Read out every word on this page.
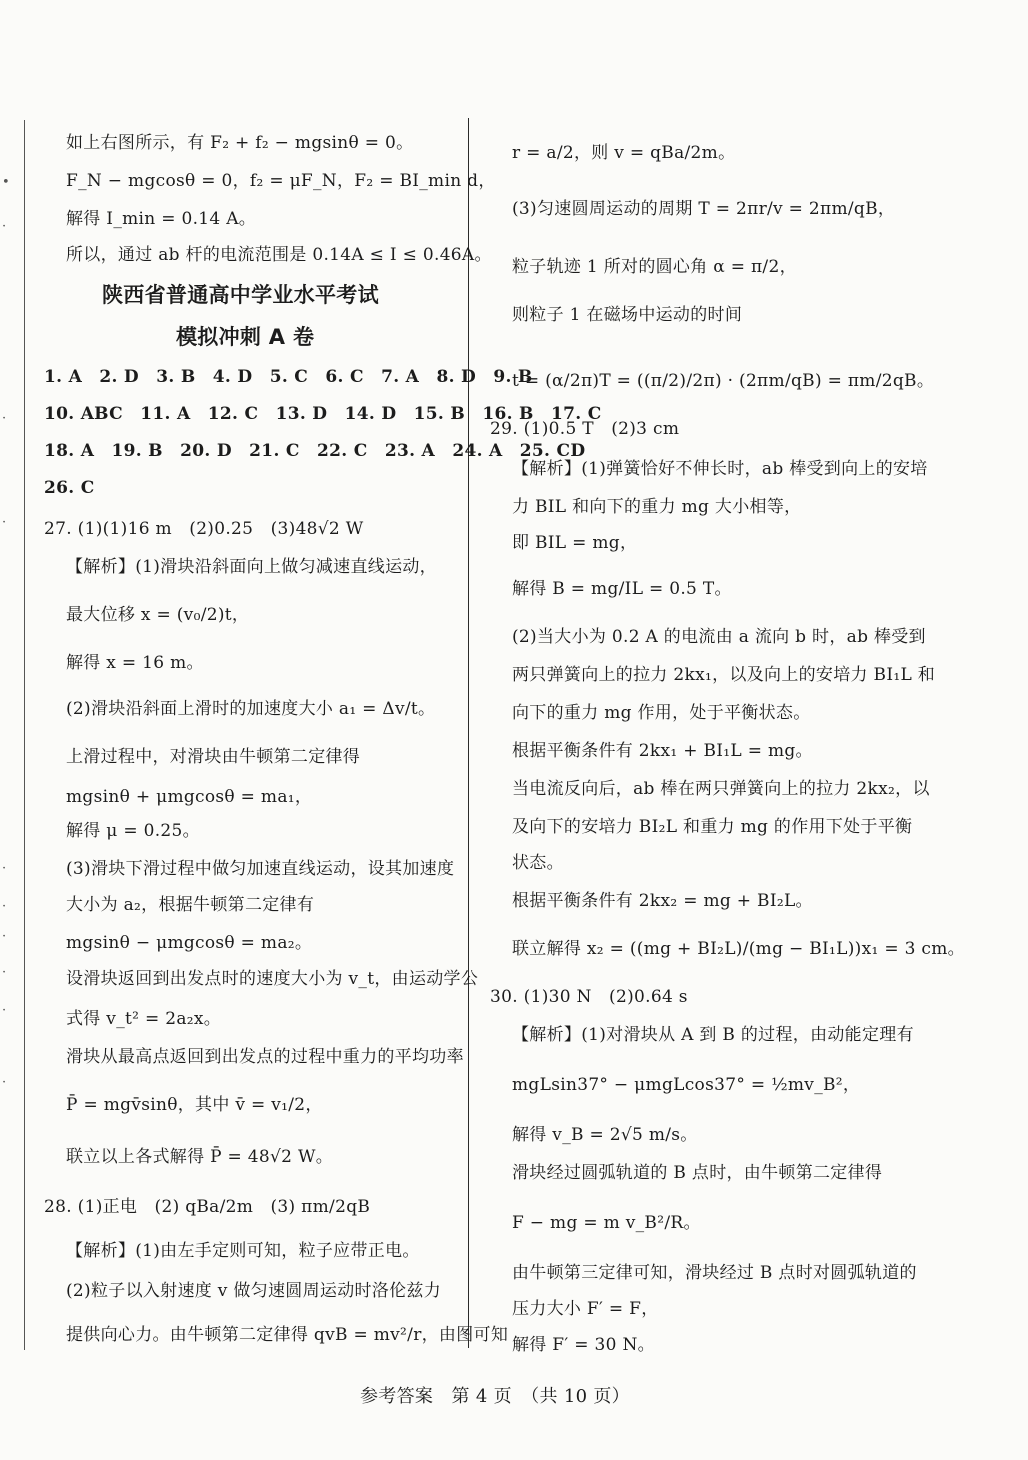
如上右图所示，有 F₂ + f₂ − mgsinθ = 0。
F_N − mgcosθ = 0，f₂ = μF_N，F₂ = BI_min d，
解得 I_min = 0.14 A。
所以，通过 ab 杆的电流范围是 0.14A ≤ I ≤ 0.46A。
陕西省普通高中学业水平考试
模拟冲刺 A 卷
1. A　2. D　3. B　4. D　5. C　6. C　7. A　8. D　9. B
10. ABC　11. A　12. C　13. D　14. D　15. B　16. B　17. C
18. A　19. B　20. D　21. C　22. C　23. A　24. A　25. CD
26. C
27. (1)(1)16 m　(2)0.25　(3)48√2 W
【解析】(1)滑块沿斜面向上做匀减速直线运动，
最大位移 x = (v₀/2)t，
解得 x = 16 m。
(2)滑块沿斜面上滑时的加速度大小 a₁ = Δv/t。
上滑过程中，对滑块由牛顿第二定律得
mgsinθ + μmgcosθ = ma₁，
解得 μ = 0.25。
(3)滑块下滑过程中做匀加速直线运动，设其加速度
大小为 a₂，根据牛顿第二定律有
mgsinθ − μmgcosθ = ma₂。
设滑块返回到出发点时的速度大小为 v_t，由运动学公
式得 v_t² = 2a₂x。
滑块从最高点返回到出发点的过程中重力的平均功率
P̄ = mgv̄sinθ，其中 v̄ = v₁/2，
联立以上各式解得 P̄ = 48√2 W。
28. (1)正电　(2) qBa/2m　(3) πm/2qB
【解析】(1)由左手定则可知，粒子应带正电。
(2)粒子以入射速度 v 做匀速圆周运动时洛伦兹力
提供向心力。由牛顿第二定律得 qvB = mv²/r，由图可知
r = a/2，则 v = qBa/2m。
(3)匀速圆周运动的周期 T = 2πr/v = 2πm/qB，
粒子轨迹 1 所对的圆心角 α = π/2，
则粒子 1 在磁场中运动的时间
t = (α/2π)T = ((π/2)/2π) · (2πm/qB) = πm/2qB。
29. (1)0.5 T　(2)3 cm
【解析】(1)弹簧恰好不伸长时，ab 棒受到向上的安培
力 BIL 和向下的重力 mg 大小相等，
即 BIL = mg，
解得 B = mg/IL = 0.5 T。
(2)当大小为 0.2 A 的电流由 a 流向 b 时，ab 棒受到
两只弹簧向上的拉力 2kx₁，以及向上的安培力 BI₁L 和
向下的重力 mg 作用，处于平衡状态。
根据平衡条件有 2kx₁ + BI₁L = mg。
当电流反向后，ab 棒在两只弹簧向上的拉力 2kx₂，以
及向下的安培力 BI₂L 和重力 mg 的作用下处于平衡
状态。
根据平衡条件有 2kx₂ = mg + BI₂L。
联立解得 x₂ = ((mg + BI₂L)/(mg − BI₁L))x₁ = 3 cm。
30. (1)30 N　(2)0.64 s
【解析】(1)对滑块从 A 到 B 的过程，由动能定理有
mgLsin37° − μmgLcos37° = ½mv_B²，
解得 v_B = 2√5 m/s。
滑块经过圆弧轨道的 B 点时，由牛顿第二定律得
F − mg = m v_B²/R。
由牛顿第三定律可知，滑块经过 B 点时对圆弧轨道的
压力大小 F′ = F，
解得 F′ = 30 N。
•
·
·
·
·
·
·
·
·
·
参考答案　第 4 页　（共 10 页）
